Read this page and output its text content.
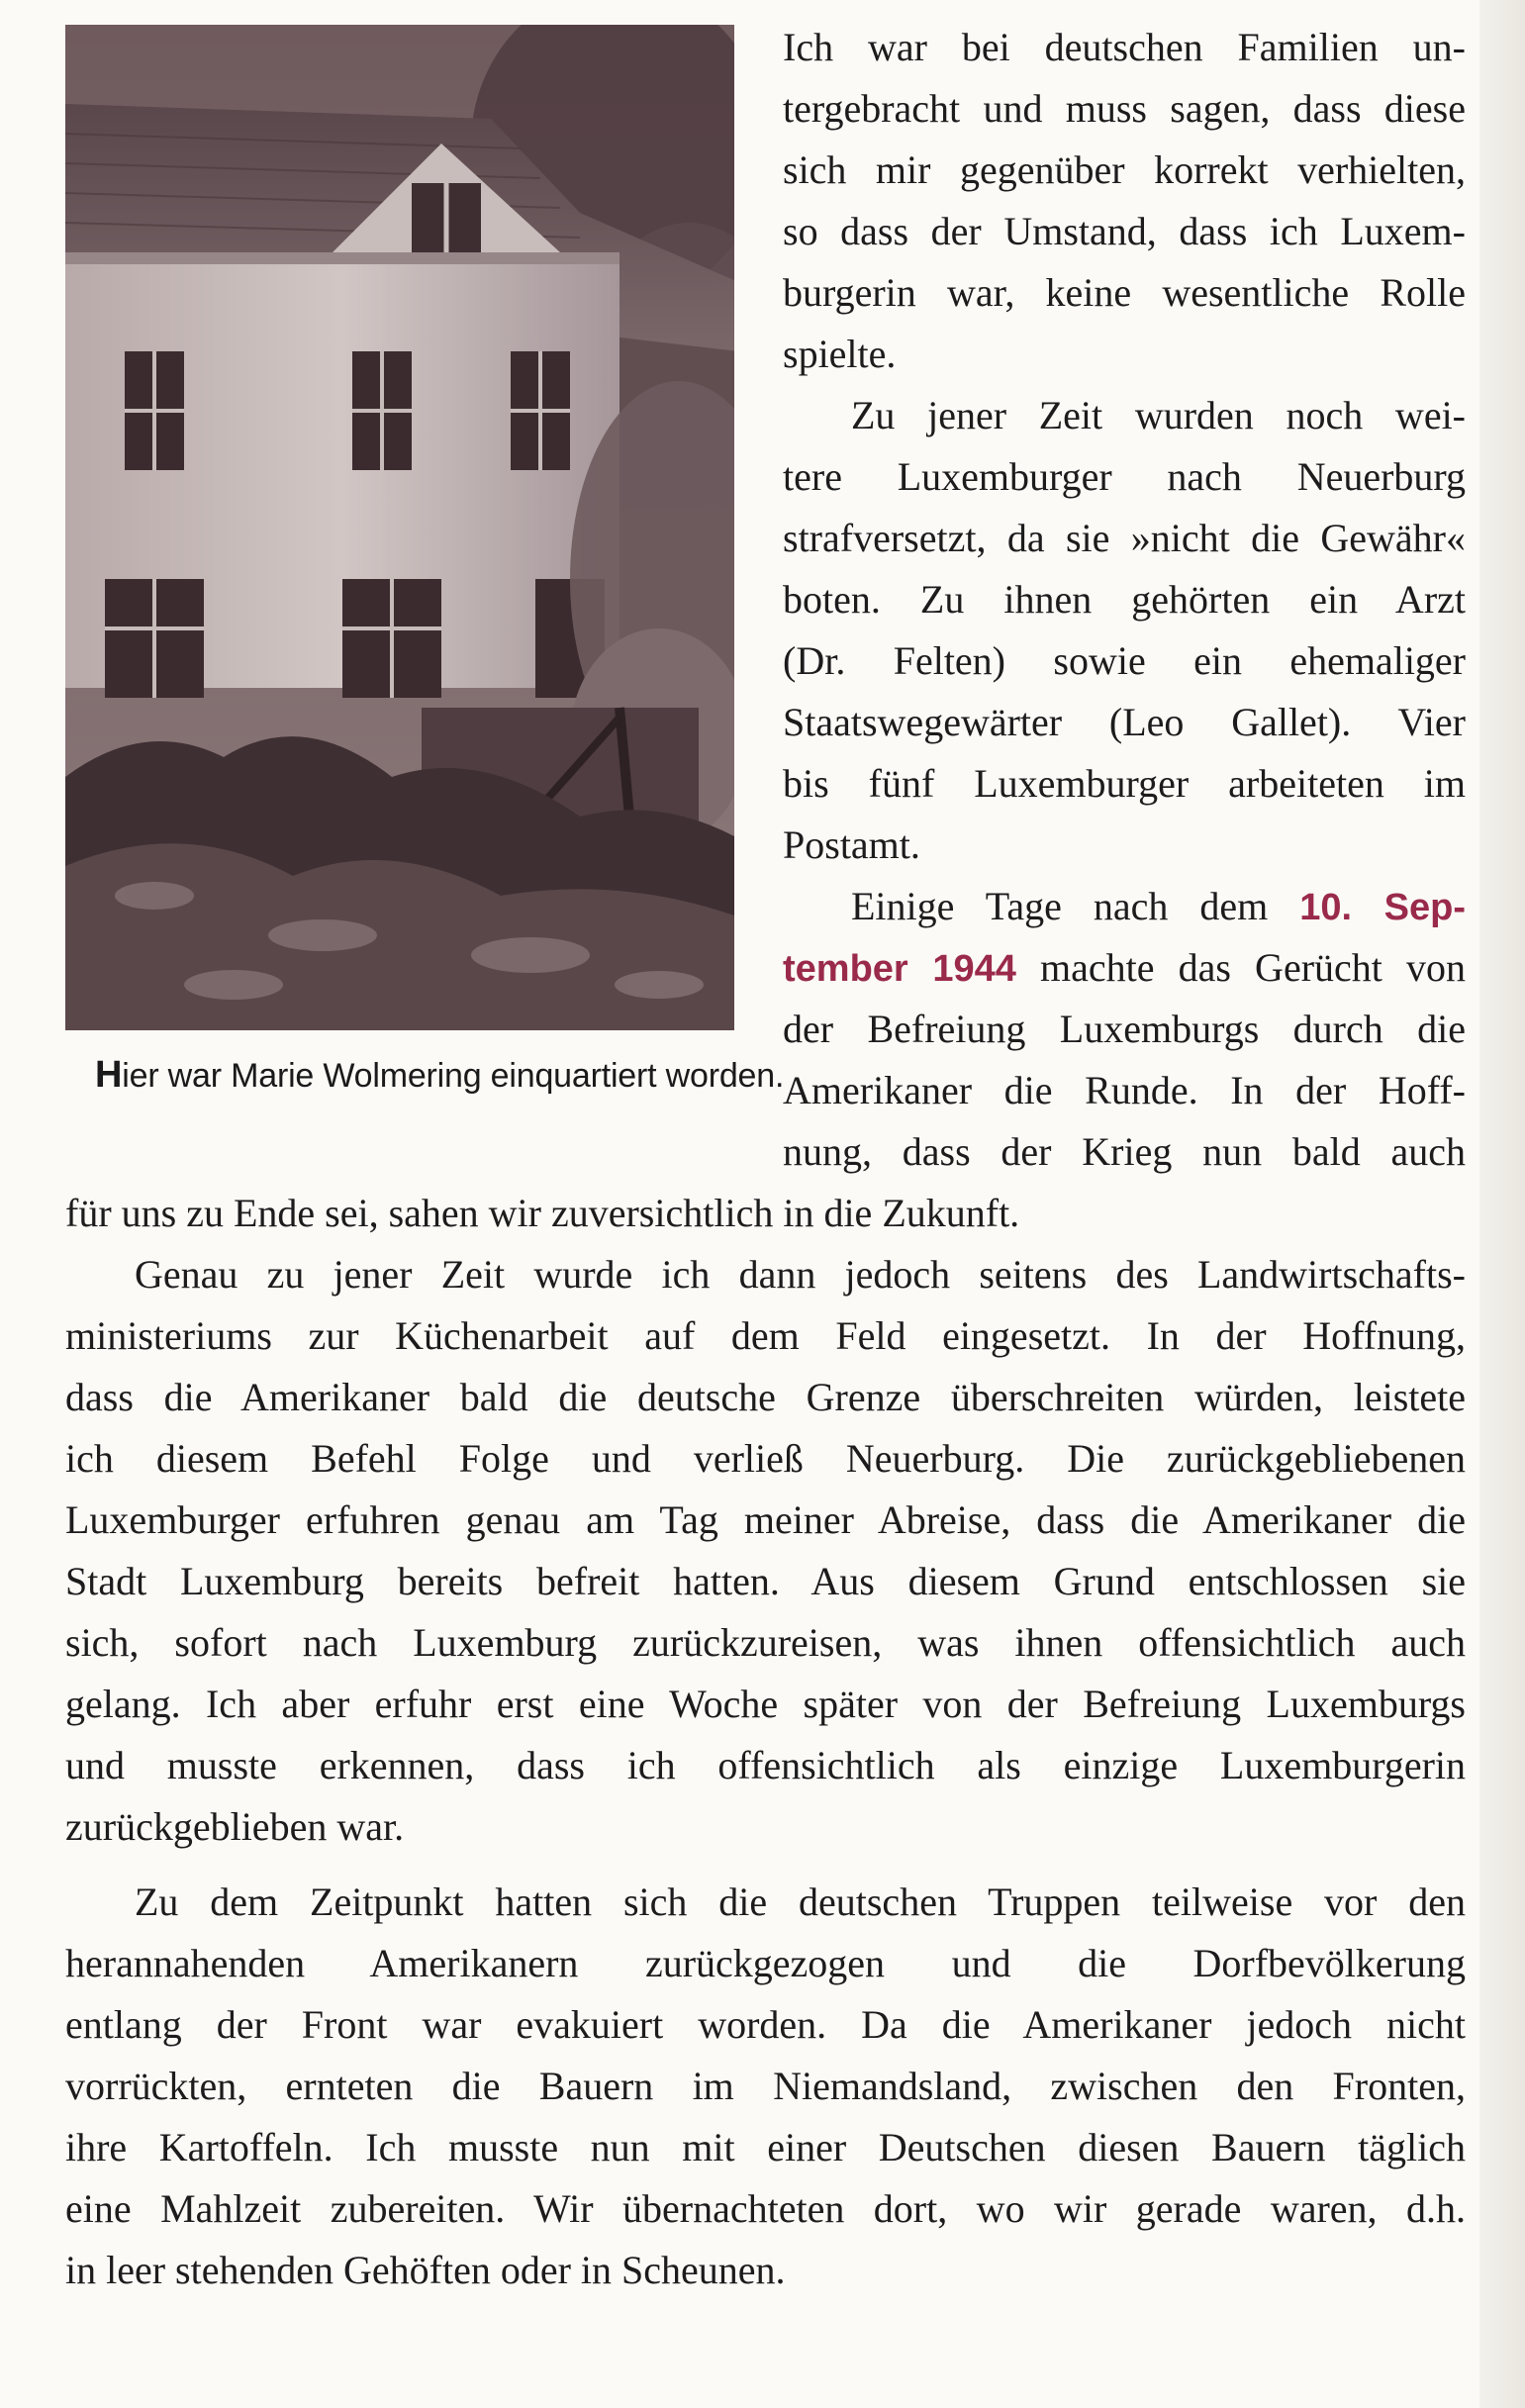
Hier war Marie Wolmering einquartiert worden.
Ich war bei deutschen Familien un-
tergebracht und muss sagen, dass diese
sich mir gegenüber korrekt verhielten,
so dass der Umstand, dass ich Luxem-
burgerin war, keine wesentliche Rolle
spielte.
Zu jener Zeit wurden noch wei-
tere Luxemburger nach Neuerburg
strafversetzt, da sie »nicht die Gewähr«
boten. Zu ihnen gehörten ein Arzt
(Dr. Felten) sowie ein ehemaliger
Staatswegewärter (Leo Gallet). Vier
bis fünf Luxemburger arbeiteten im
Postamt.
Einige Tage nach dem 10. Sep-
tember 1944 machte das Gerücht von
der Befreiung Luxemburgs durch die
Amerikaner die Runde. In der Hoff-
nung, dass der Krieg nun bald auch
für uns zu Ende sei, sahen wir zuversichtlich in die Zukunft.
Genau zu jener Zeit wurde ich dann jedoch seitens des Landwirtschafts-
ministeriums zur Küchenarbeit auf dem Feld eingesetzt. In der Hoffnung,
dass die Amerikaner bald die deutsche Grenze überschreiten würden, leistete
ich diesem Befehl Folge und verließ Neuerburg. Die zurückgebliebenen
Luxemburger erfuhren genau am Tag meiner Abreise, dass die Amerikaner die
Stadt Luxemburg bereits befreit hatten. Aus diesem Grund entschlossen sie
sich, sofort nach Luxemburg zurückzureisen, was ihnen offensichtlich auch
gelang. Ich aber erfuhr erst eine Woche später von der Befreiung Luxemburgs
und musste erkennen, dass ich offensichtlich als einzige Luxemburgerin
zurückgeblieben war.
Zu dem Zeitpunkt hatten sich die deutschen Truppen teilweise vor den
herannahenden Amerikanern zurückgezogen und die Dorfbevölkerung
entlang der Front war evakuiert worden. Da die Amerikaner jedoch nicht
vorrückten, ernteten die Bauern im Niemandsland, zwischen den Fronten,
ihre Kartoffeln. Ich musste nun mit einer Deutschen diesen Bauern täglich
eine Mahlzeit zubereiten. Wir übernachteten dort, wo wir gerade waren, d.h.
in leer stehenden Gehöften oder in Scheunen.
